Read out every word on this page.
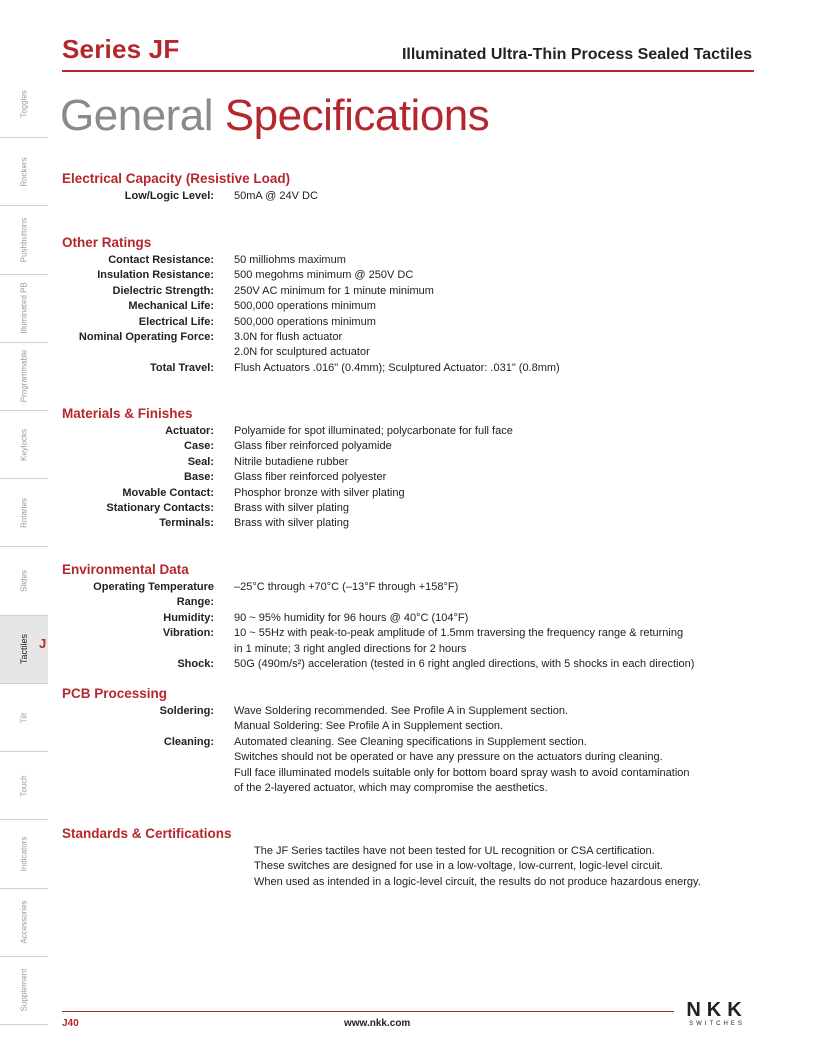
Series JF	Illuminated Ultra-Thin Process Sealed Tactiles
General Specifications
Toggles
Rockers
Pushbuttons
Illuminated PB
Programmable
Keylocks
Rotaries
Slides
Tactiles
Tilt
Touch
Indicators
Accessories
Supplement
J
Electrical Capacity (Resistive Load)
Low/Logic Level:	50mA @ 24V DC
Other Ratings
Contact Resistance:	50 milliohms maximum
Insulation Resistance:	500 megohms minimum @ 250V DC
Dielectric Strength:	250V AC minimum for 1 minute minimum
Mechanical Life:	500,000 operations minimum
Electrical Life:	500,000 operations minimum
Nominal Operating Force:	3.0N for flush actuator
2.0N for sculptured actuator
Total Travel:	Flush Actuators .016" (0.4mm); Sculptured Actuator: .031" (0.8mm)
Materials & Finishes
Actuator:	Polyamide for spot illuminated; polycarbonate for full face
Case:	Glass fiber reinforced polyamide
Seal:	Nitrile butadiene rubber
Base:	Glass fiber reinforced polyester
Movable Contact:	Phosphor bronze with silver plating
Stationary Contacts:	Brass with silver plating
Terminals:	Brass with silver plating
Environmental Data
Operating Temperature Range:
–25°C through +70°C (–13°F through +158°F)
Humidity:	90 ~ 95% humidity for 96 hours @ 40°C (104°F)
Vibration:	10 ~ 55Hz with peak-to-peak amplitude of 1.5mm traversing the frequency range & returning
in 1 minute; 3 right angled directions for 2 hours
Shock:	50G (490m/s²) acceleration (tested in 6 right angled directions, with 5 shocks in each direction)
PCB Processing
Soldering:	Wave Soldering recommended. See Profile A in Supplement section.
Manual Soldering: See Profile A in Supplement section.
Cleaning:	Automated cleaning. See Cleaning specifications in Supplement section.
Switches should not be operated or have any pressure on the actuators during cleaning.
Full face illuminated models suitable only for bottom board spray wash to avoid contamination
of the 2-layered actuator, which may compromise the aesthetics.
Standards & Certifications
The JF Series tactiles have not been tested for UL recognition or CSA certification.
These switches are designed for use in a low-voltage, low-current, logic-level circuit.
When used as intended in a logic-level circuit, the results do not produce hazardous energy.
J40	www.nkk.com
NKK
SWITCHES
